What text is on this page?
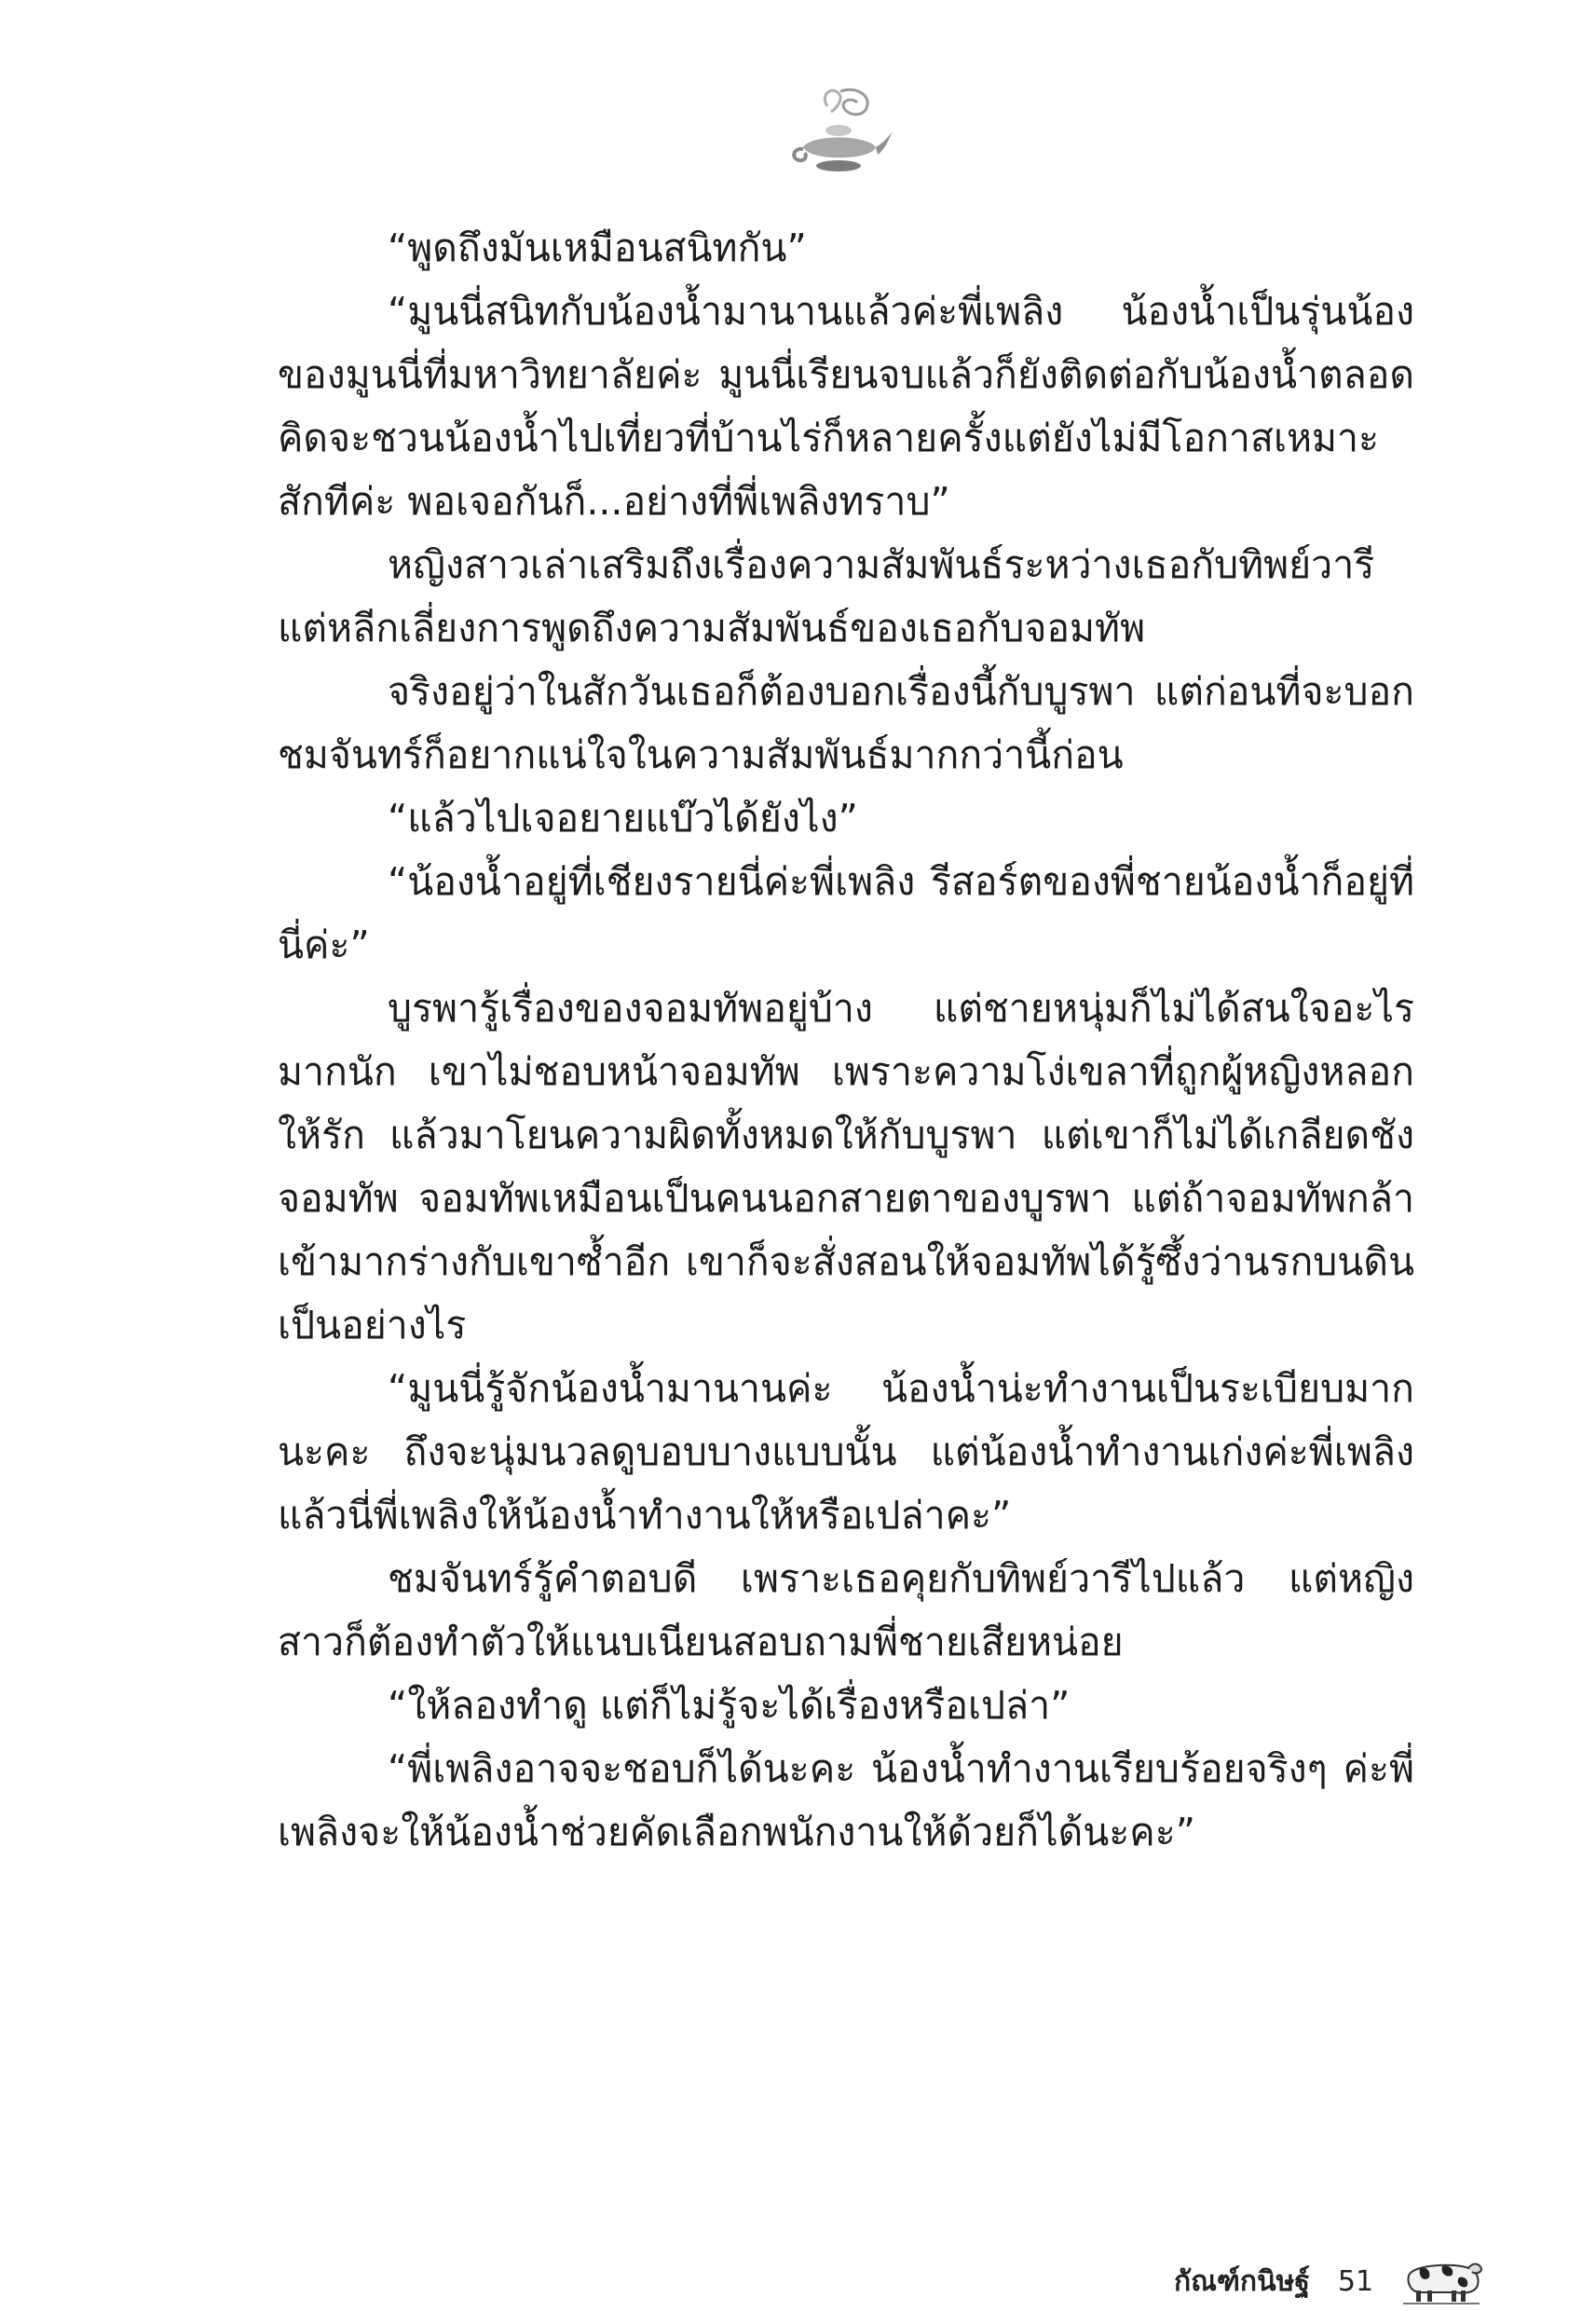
“พูดถึงมันเหมือนสนิทกัน”

“มูนนี่สนิทกับน้องน้ำมานานแล้วค่ะพี่เพลิง น้องน้ำเป็นรุ่นน้องของมูนนี่ที่มหาวิทยาลัยค่ะ มูนนี่เรียนจบแล้วก็ยังติดต่อกับน้องน้ำตลอด คิดจะชวนน้องน้ำไปเที่ยวที่บ้านไร่ก็หลายครั้งแต่ยังไม่มีโอกาสเหมาะสักทีค่ะ พอเจอกันก็...อย่างที่พี่เพลิงทราบ”

หญิงสาวเล่าเสริมถึงเรื่องความสัมพันธ์ระหว่างเธอกับทิพย์วารี แต่หลีกเลี่ยงการพูดถึงความสัมพันธ์ของเธอกับจอมทัพ

จริงอยู่ว่าในสักวันเธอก็ต้องบอกเรื่องนี้กับบูรพา แต่ก่อนที่จะบอก ชมจันทร์ก็อยากแน่ใจในความสัมพันธ์มากกว่านี้ก่อน

“แล้วไปเจอยายแบ๊วได้ยังไง”

“น้องน้ำอยู่ที่เชียงรายนี่ค่ะพี่เพลิง รีสอร์ตของพี่ชายน้องน้ำก็อยู่ที่นี่ค่ะ”

บูรพารู้เรื่องของจอมทัพอยู่บ้าง แต่ชายหนุ่มก็ไม่ได้สนใจอะไรมากนัก เขาไม่ชอบหน้าจอมทัพ เพราะความโง่เขลาที่ถูกผู้หญิงหลอกให้รัก แล้วมาโยนความผิดทั้งหมดให้กับบูรพา แต่เขาก็ไม่ได้เกลียดชังจอมทัพ จอมทัพเหมือนเป็นคนนอกสายตาของบูรพา แต่ถ้าจอมทัพกล้าเข้ามากร่างกับเขาซ้ำอีก เขาก็จะสั่งสอนให้จอมทัพได้รู้ซึ้งว่านรกบนดินเป็นอย่างไร

“มูนนี่รู้จักน้องน้ำมานานค่ะ น้องน้ำน่ะทำงานเป็นระเบียบมากนะคะ ถึงจะนุ่มนวลดูบอบบางแบบนั้น แต่น้องน้ำทำงานเก่งค่ะพี่เพลิง แล้วนี่พี่เพลิงให้น้องน้ำทำงานให้หรือเปล่าคะ”

ชมจันทร์รู้คำตอบดี เพราะเธอคุยกับทิพย์วารีไปแล้ว แต่หญิงสาวก็ต้องทำตัวให้แนบเนียนสอบถามพี่ชายเสียหน่อย

“ให้ลองทำดู แต่ก็ไม่รู้จะได้เรื่องหรือเปล่า”

“พี่เพลิงอาจจะชอบก็ได้นะคะ น้องน้ำทำงานเรียบร้อยจริงๆ ค่ะพี่เพลิงจะให้น้องน้ำช่วยคัดเลือกพนักงานให้ด้วยก็ได้นะคะ”

กัณฑ์กนิษฐ์ 51
